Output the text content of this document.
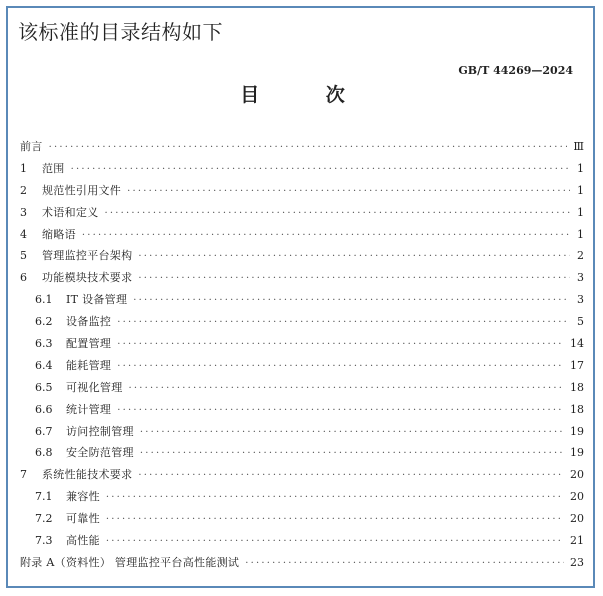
该标准的目录结构如下
GB/T 44269—2024
目 次
前言 ·····	Ⅲ
1	范围 ·····	1
2	规范性引用文件 ·····	1
3	术语和定义 ·····	1
4	缩略语 ·····	1
5	管理监控平台架构 ·····	2
6	功能模块技术要求 ·····	3
6.1	IT 设备管理 ·····	3
6.2	设备监控 ·····	5
6.3	配置管理 ·····	14
6.4	能耗管理 ·····	17
6.5	可视化管理 ·····	18
6.6	统计管理 ·····	18
6.7	访问控制管理 ·····	19
6.8	安全防范管理 ·····	19
7	系统性能技术要求 ·····	20
7.1	兼容性 ·····	20
7.2	可靠性 ·····	20
7.3	高性能 ·····	21
附录 A（资料性） 管理监控平台高性能测试 ·····	23
